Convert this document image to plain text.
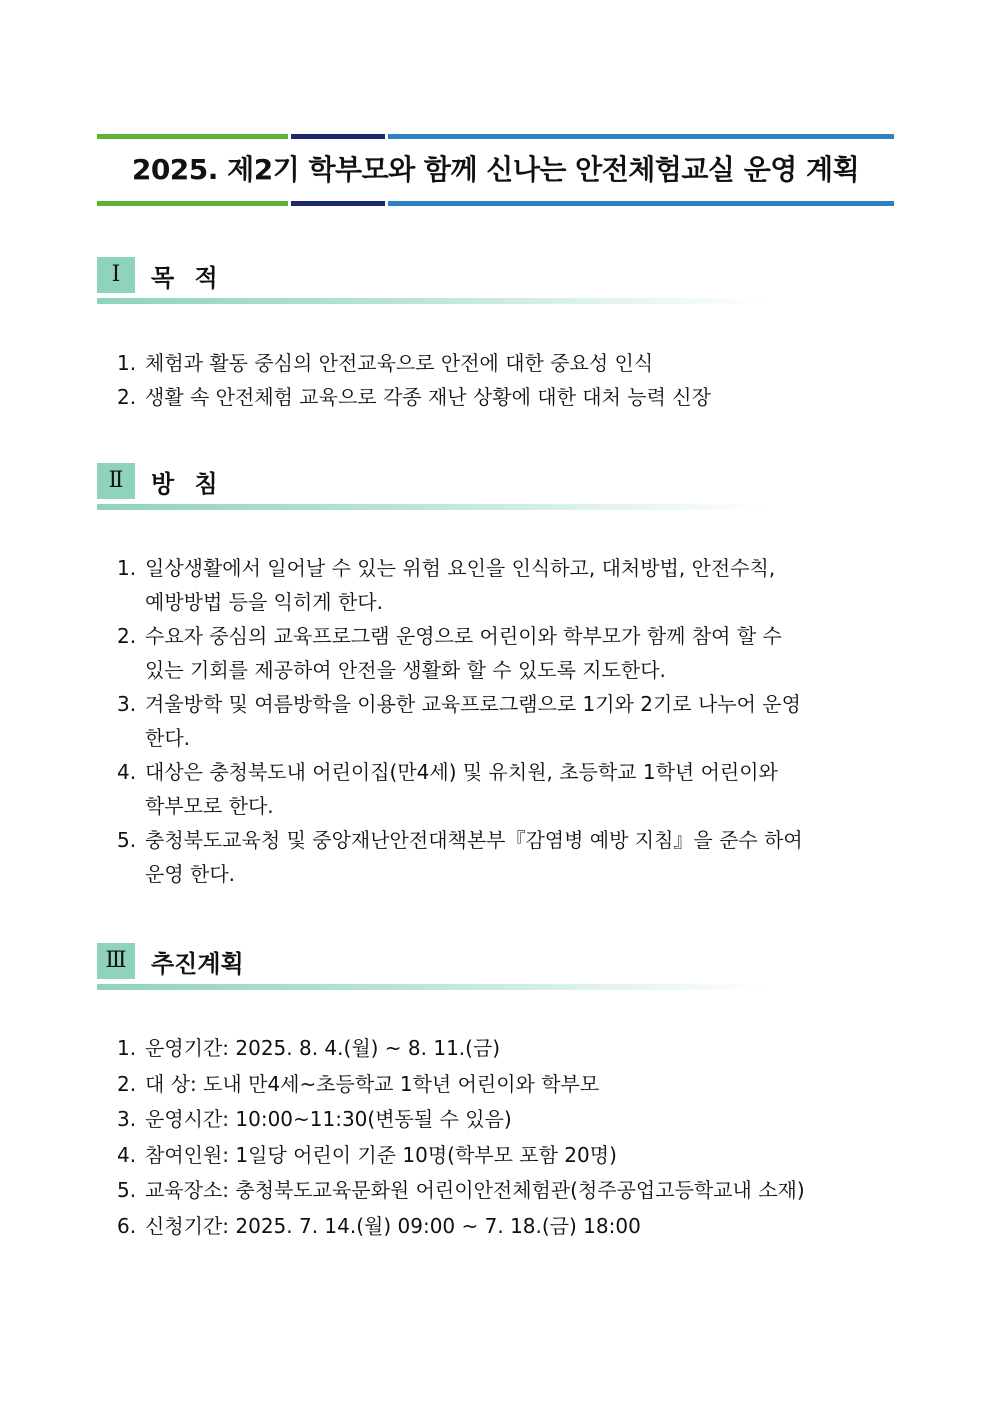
2025. 제2기 학부모와 함께 신나는 안전체험교실 운영 계획
Ⅰ	목 적
1. 체험과 활동 중심의 안전교육으로 안전에 대한 중요성 인식
2. 생활 속 안전체험 교육으로 각종 재난 상황에 대한 대처 능력 신장
Ⅱ	방 침
1. 일상생활에서 일어날 수 있는 위험 요인을 인식하고, 대처방법, 안전수칙,
예방방법 등을 익히게 한다.
2. 수요자 중심의 교육프로그램 운영으로 어린이와 학부모가 함께 참여 할 수
있는 기회를 제공하여 안전을 생활화 할 수 있도록 지도한다.
3. 겨울방학 및 여름방학을 이용한 교육프로그램으로 1기와 2기로 나누어 운영
한다.
4. 대상은 충청북도내 어린이집(만4세) 및 유치원, 초등학교 1학년 어린이와
학부모로 한다.
5. 충청북도교육청 및 중앙재난안전대책본부『감염병 예방 지침』을 준수 하여
운영 한다.
Ⅲ	추진계획
1. 운영기간: 2025. 8. 4.(월) ~ 8. 11.(금)
2. 대 상: 도내 만4세~초등학교 1학년 어린이와 학부모
3. 운영시간: 10:00~11:30(변동될 수 있음)
4. 참여인원: 1일당 어린이 기준 10명(학부모 포함 20명)
5. 교육장소: 충청북도교육문화원 어린이안전체험관(청주공업고등학교내 소재)
6. 신청기간: 2025. 7. 14.(월) 09:00 ~ 7. 18.(금) 18:00
